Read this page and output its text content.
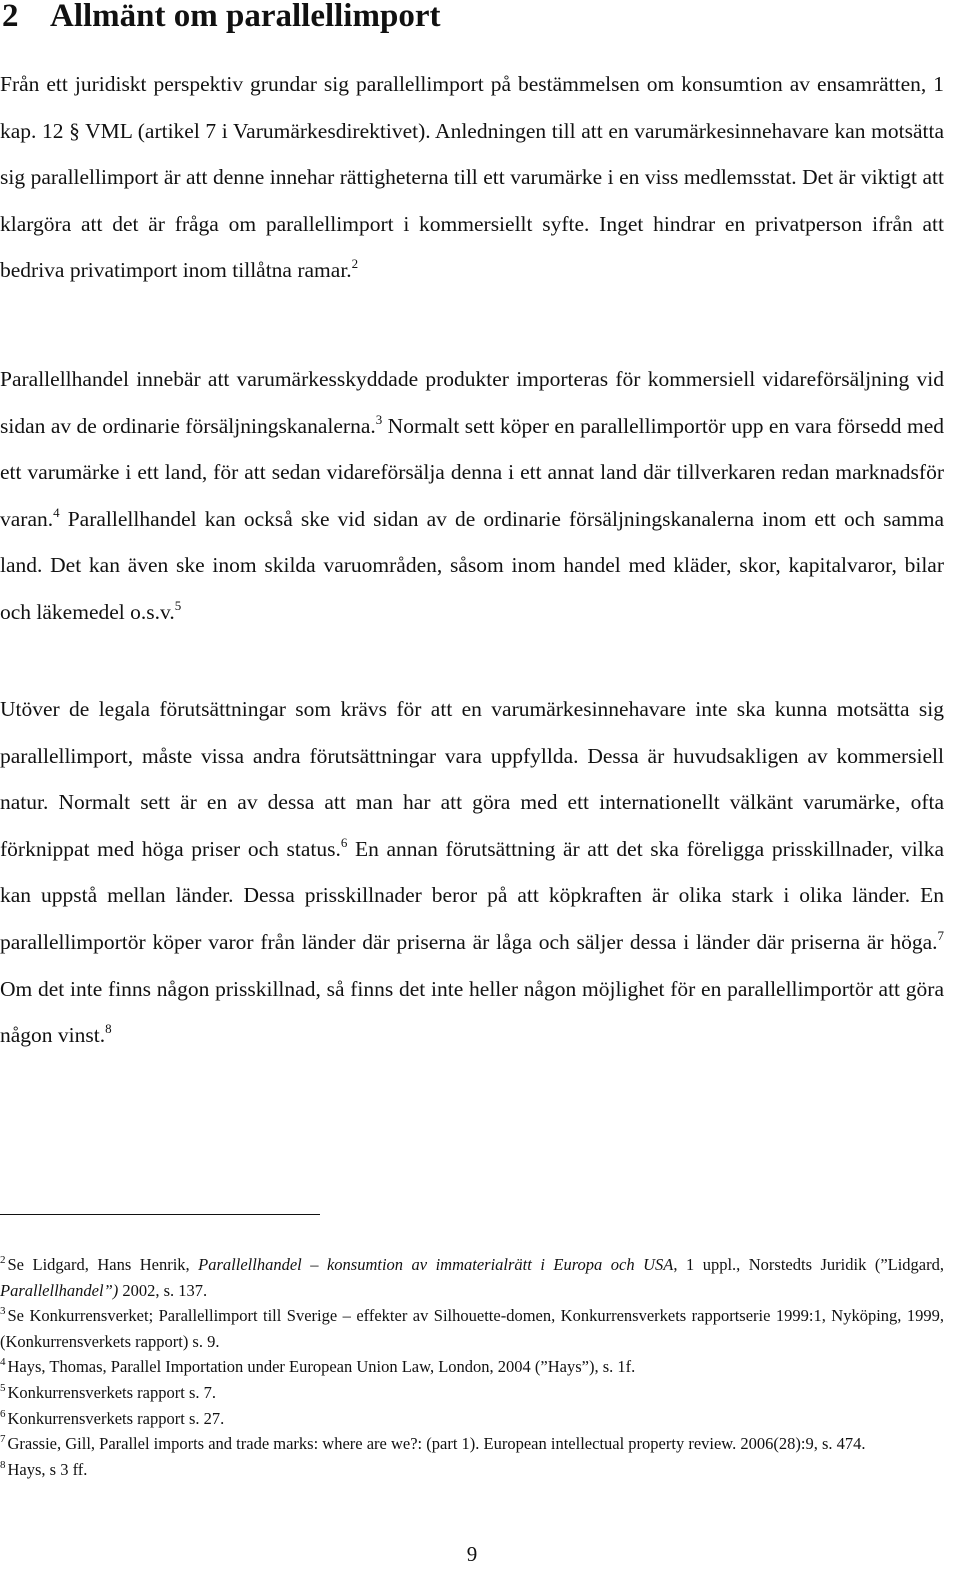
2 Allmänt om parallellimport

Från ett juridiskt perspektiv grundar sig parallellimport på bestämmelsen om konsumtion av ensamrätten, 1 kap. 12 § VML (artikel 7 i Varumärkesdirektivet). Anledningen till att en varumärkesinnehavare kan motsätta sig parallellimport är att denne innehar rättigheterna till ett varumärke i en viss medlemsstat. Det är viktigt att klargöra att det är fråga om parallellimport i kommersiellt syfte. Inget hindrar en privatperson ifrån att bedriva privatimport inom tillåtna ramar.$^2$

Parallellhandel innebär att varumärkesskyddade produkter importeras för kommersiell vidareförsäljning vid sidan av de ordinarie försäljningskanalerna.$^3$ Normalt sett köper en parallellimportör upp en vara försedd med ett varumärke i ett land, för att sedan vidareförsälja denna i ett annat land där tillverkaren redan marknadsför varan.$^4$ Parallellhandel kan också ske vid sidan av de ordinarie försäljningskanalerna inom ett och samma land. Det kan även ske inom skilda varuområden, såsom inom handel med kläder, skor, kapitalvaror, bilar och läkemedel o.s.v.$^5$

Utöver de legala förutsättningar som krävs för att en varumärkesinnehavare inte ska kunna motsätta sig parallellimport, måste vissa andra förutsättningar vara uppfyllda. Dessa är huvudsakligen av kommersiell natur. Normalt sett är en av dessa att man har att göra med ett internationellt välkänt varumärke, ofta förknippat med höga priser och status.$^6$ En annan förutsättning är att det ska föreligga prisskillnader, vilka kan uppstå mellan länder. Dessa prisskillnader beror på att köpkraften är olika stark i olika länder. En parallellimportör köper varor från länder där priserna är låga och säljer dessa i länder där priserna är höga.$^7$ Om det inte finns någon prisskillnad, så finns det inte heller någon möjlighet för en parallellimportör att göra någon vinst.$^8$

$^2$ Se Lidgard, Hans Henrik, Parallellhandel – konsumtion av immaterialrätt i Europa och USA, 1 uppl., Norstedts Juridik (”Lidgard, Parallellhandel”) 2002, s. 137.
$^3$ Se Konkurrensverket; Parallellimport till Sverige – effekter av Silhouette-domen, Konkurrensverkets rapportserie 1999:1, Nyköping, 1999, (Konkurrensverkets rapport) s. 9.
$^4$ Hays, Thomas, Parallel Importation under European Union Law, London, 2004 (”Hays”), s. 1f.
$^5$ Konkurrensverkets rapport s. 7.
$^6$ Konkurrensverkets rapport s. 27.
$^7$ Grassie, Gill, Parallel imports and trade marks: where are we?: (part 1). European intellectual property review. 2006(28):9, s. 474.
$^8$ Hays, s 3 ff.
9
